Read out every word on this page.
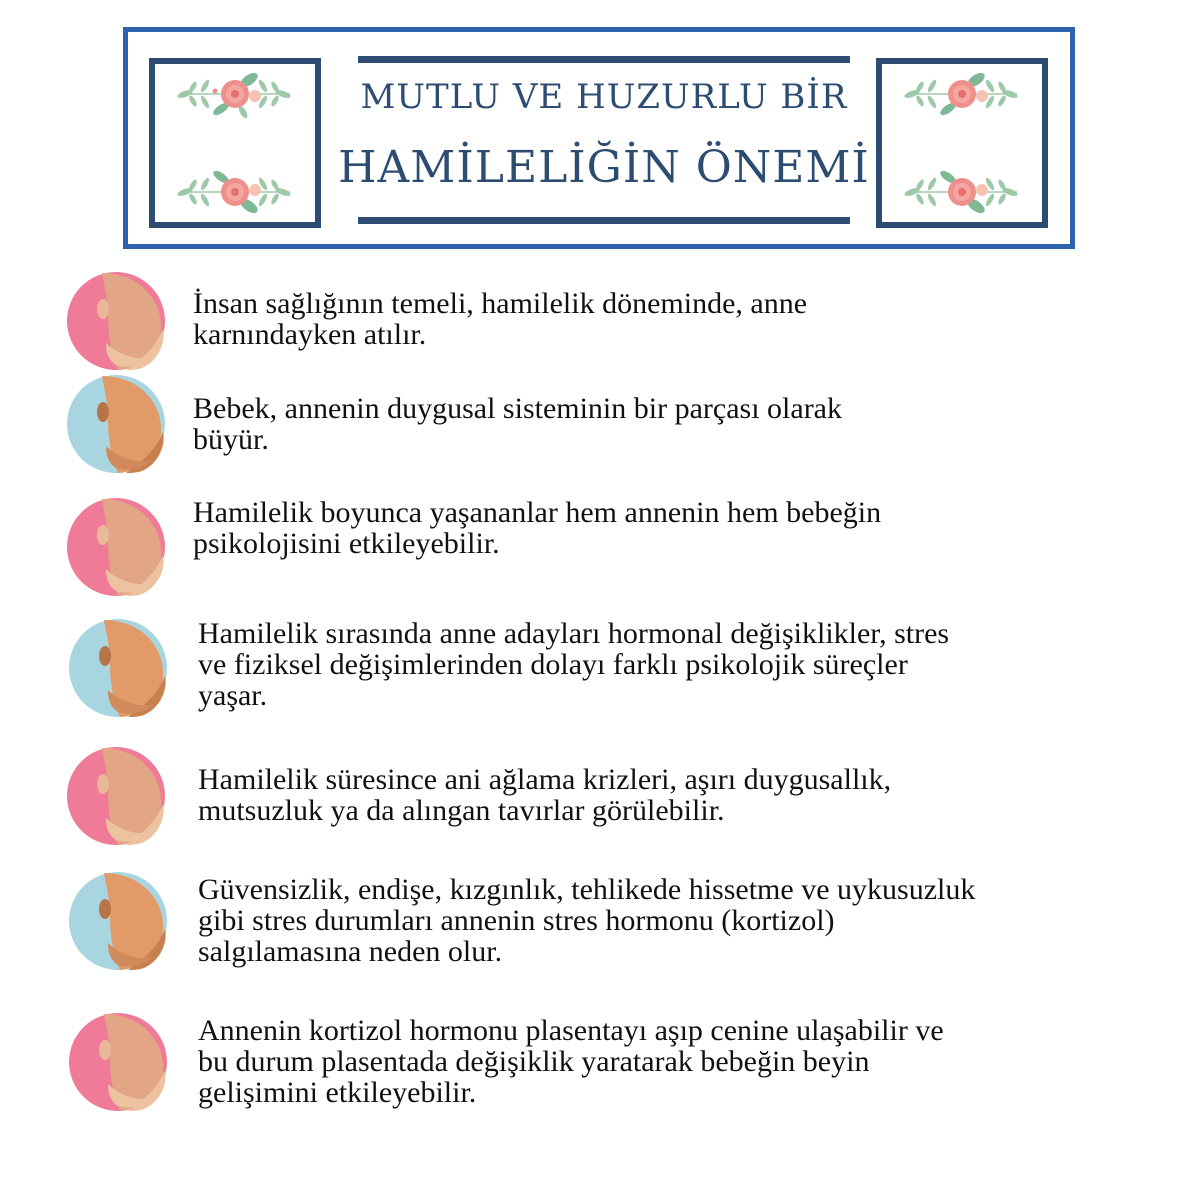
MUTLU VE HUZURLU BİR
HAMİLELİĞİN ÖNEMİ
İnsan sağlığının temeli, hamilelik döneminde, anne
karnındayken atılır.
Bebek, annenin duygusal sisteminin bir parçası olarak
büyür.
Hamilelik boyunca yaşananlar hem annenin hem bebeğin
psikolojisini etkileyebilir.
Hamilelik sırasında anne adayları hormonal değişiklikler, stres
ve fiziksel değişimlerinden dolayı farklı psikolojik süreçler
yaşar.
Hamilelik süresince ani ağlama krizleri, aşırı duygusallık,
mutsuzluk ya da alıngan tavırlar görülebilir.
Güvensizlik, endişe, kızgınlık, tehlikede hissetme ve uykusuzluk
gibi stres durumları annenin stres hormonu (kortizol)
salgılamasına neden olur.
Annenin kortizol hormonu plasentayı aşıp cenine ulaşabilir ve
bu durum plasentada değişiklik yaratarak bebeğin beyin
gelişimini etkileyebilir.
